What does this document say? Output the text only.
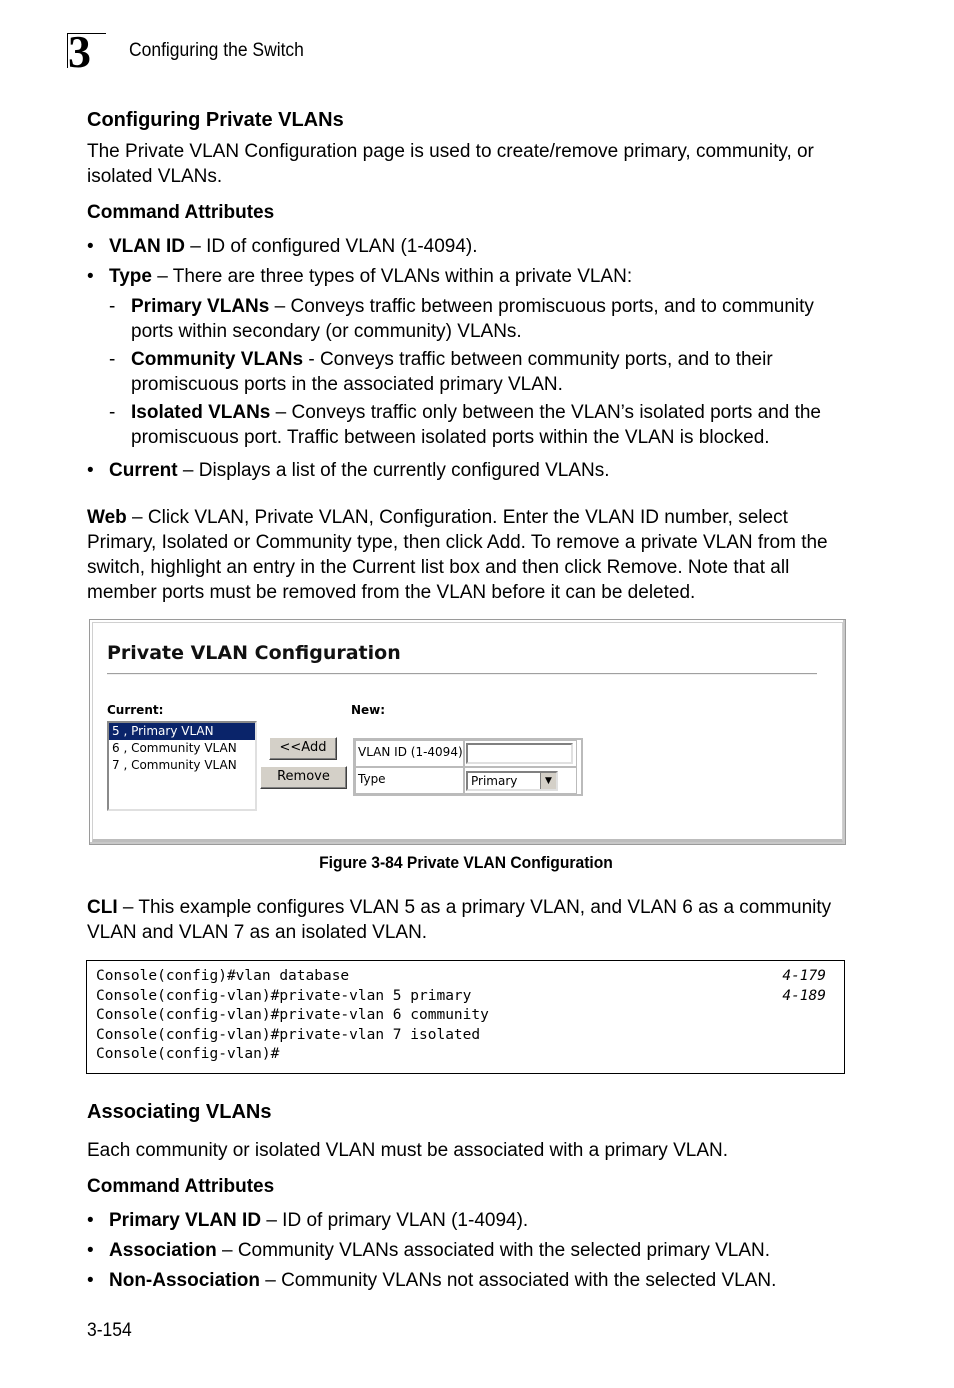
3 Configuring the Switch
Configuring Private VLANs

The Private VLAN Configuration page is used to create/remove primary, community, or isolated VLANs.

Command Attributes
• VLAN ID – ID of configured VLAN (1-4094).
• Type – There are three types of VLANs within a private VLAN:
- Primary VLANs – Conveys traffic between promiscuous ports, and to community ports within secondary (or community) VLANs.
- Community VLANs - Conveys traffic between community ports, and to their promiscuous ports in the associated primary VLAN.
- Isolated VLANs – Conveys traffic only between the VLAN’s isolated ports and the promiscuous port. Traffic between isolated ports within the VLAN is blocked.
• Current – Displays a list of the currently configured VLANs.

Web – Click VLAN, Private VLAN, Configuration. Enter the VLAN ID number, select Primary, Isolated or Community type, then click Add. To remove a private VLAN from the switch, highlight an entry in the Current list box and then click Remove. Note that all member ports must be removed from the VLAN before it can be deleted.

Private VLAN Configuration
Current:	New:
5 , Primary VLAN
6 , Community VLAN
7 , Community VLAN
<<Add
Remove
VLAN ID (1-4094)
Type	Primary	▼
Figure 3-84 Private VLAN Configuration

CLI – This example configures VLAN 5 as a primary VLAN, and VLAN 6 as a community VLAN and VLAN 7 as an isolated VLAN.

Console(config)#vlan database
Console(config-vlan)#private-vlan 5 primary
Console(config-vlan)#private-vlan 6 community
Console(config-vlan)#private-vlan 7 isolated
Console(config-vlan)#
4-179
4-189
Associating VLANs

Each community or isolated VLAN must be associated with a primary VLAN.

Command Attributes
• Primary VLAN ID – ID of primary VLAN (1-4094).
• Association – Community VLANs associated with the selected primary VLAN.
• Non-Association – Community VLANs not associated with the selected VLAN.
3-154
